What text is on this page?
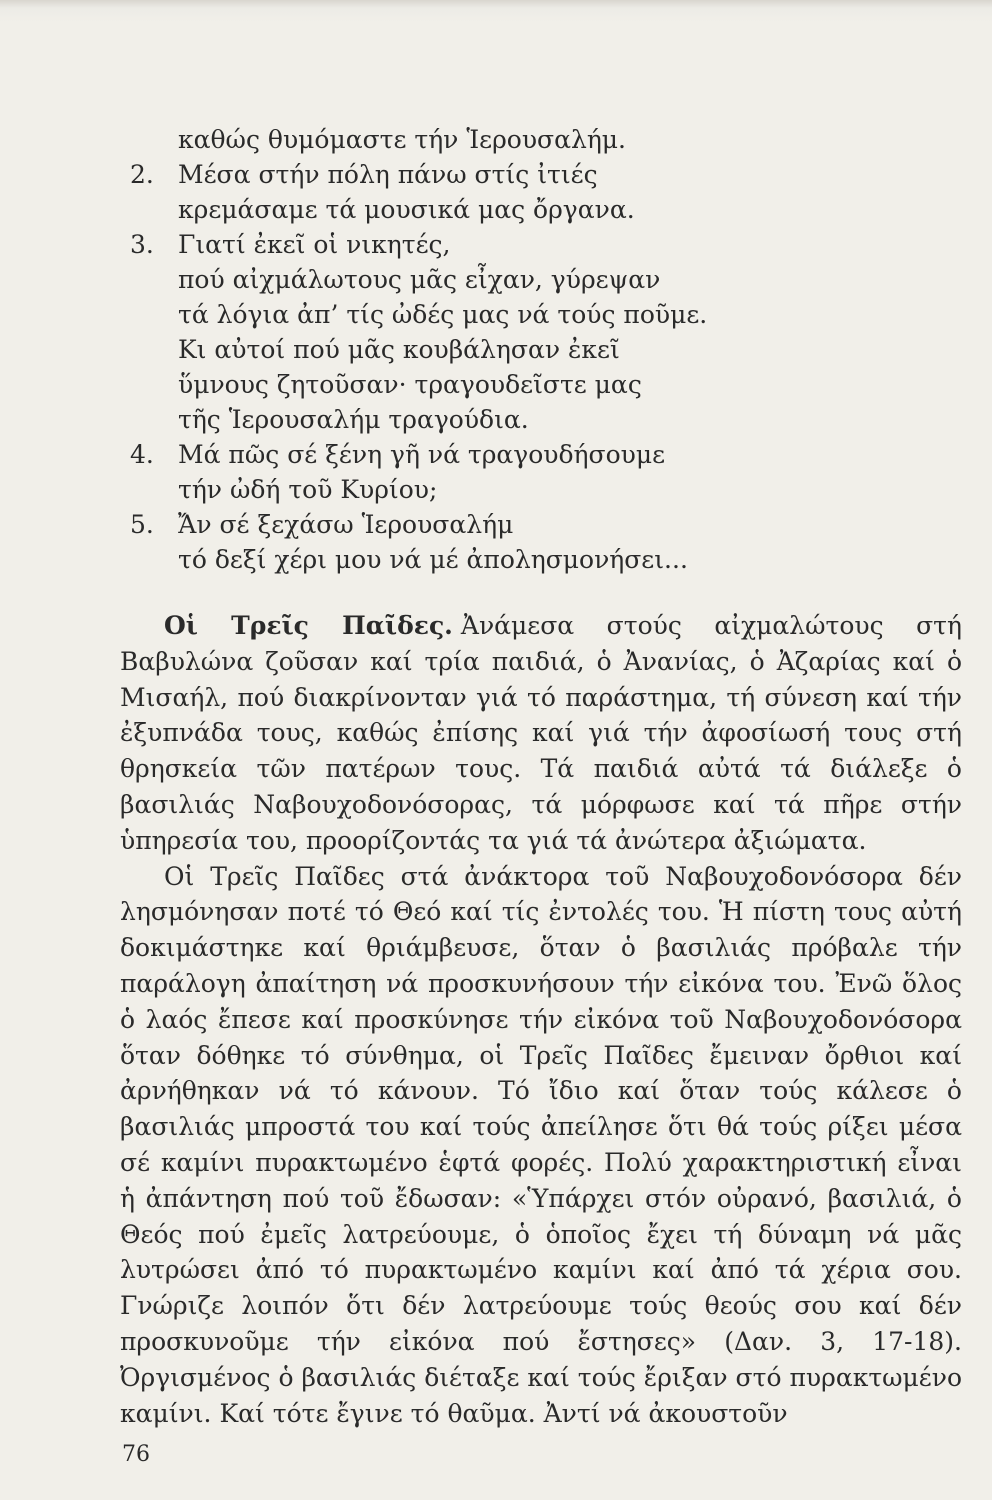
καθώς θυμόμαστε τήν Ἱερουσαλήμ.
2. Μέσα στήν πόλη πάνω στίς ἰτιές
κρεμάσαμε τά μουσικά μας ὄργανα.
3. Γιατί ἐκεῖ οἱ νικητές,
πού αἰχμάλωτους μᾶς εἶχαν, γύρεψαν
τά λόγια ἀπ’ τίς ὠδές μας νά τούς ποῦμε.
Κι αὐτοί πού μᾶς κουβάλησαν ἐκεῖ
ὕμνους ζητοῦσαν· τραγουδεῖστε μας
τῆς Ἱερουσαλήμ τραγούδια.
4. Μά πῶς σέ ξένη γῆ νά τραγουδήσουμε
τήν ὠδή τοῦ Κυρίου;
5. Ἄν σέ ξεχάσω Ἱερουσαλήμ
τό δεξί χέρι μου νά μέ ἀπολησμονήσει...

Οἱ Τρεῖς Παῖδες. Ἀνάμεσα στούς αἰχμαλώτους στή Βαβυλώνα ζοῦσαν καί τρία παιδιά, ὁ Ἀνανίας, ὁ Ἀζαρίας καί ὁ Μισαήλ, πού διακρίνονταν γιά τό παράστημα, τή σύνεση καί τήν ἐξυπνάδα τους, καθώς ἐπίσης καί γιά τήν ἀφοσίωσή τους στή θρησκεία τῶν πατέρων τους. Τά παιδιά αὐτά τά διάλεξε ὁ βασιλιάς Ναβουχοδονόσορας, τά μόρφωσε καί τά πῆρε στήν ὑπηρεσία του, προορίζοντάς τα γιά τά ἀνώτερα ἀξιώματα.

Οἱ Τρεῖς Παῖδες στά ἀνάκτορα τοῦ Ναβουχοδονόσορα δέν λησμόνησαν ποτέ τό Θεό καί τίς ἐντολές του. Ἡ πίστη τους αὐτή δοκιμάστηκε καί θριάμβευσε, ὅταν ὁ βασιλιάς πρόβαλε τήν παράλογη ἀπαίτηση νά προσκυνήσουν τήν εἰκόνα του. Ἐνῶ ὅλος ὁ λαός ἔπεσε καί προσκύνησε τήν εἰκόνα τοῦ Ναβουχοδονόσορα ὅταν δόθηκε τό σύνθημα, οἱ Τρεῖς Παῖδες ἔμειναν ὄρθιοι καί ἀρνήθηκαν νά τό κάνουν. Τό ἴδιο καί ὅταν τούς κάλεσε ὁ βασιλιάς μπροστά του καί τούς ἀπείλησε ὅτι θά τούς ρίξει μέσα σέ καμίνι πυρακτωμένο ἑφτά φορές. Πολύ χαρακτηριστική εἶναι ἡ ἀπάντηση πού τοῦ ἔδωσαν: «Ὑπάρχει στόν οὐρανό, βασιλιά, ὁ Θεός πού ἐμεῖς λατρεύουμε, ὁ ὁποῖος ἔχει τή δύναμη νά μᾶς λυτρώσει ἀπό τό πυρακτωμένο καμίνι καί ἀπό τά χέρια σου. Γνώριζε λοιπόν ὅτι δέν λατρεύουμε τούς θεούς σου καί δέν προσκυνοῦμε τήν εἰκόνα πού ἔστησες» (Δαν. 3, 17-18). Ὀργισμένος ὁ βασιλιάς διέταξε καί τούς ἔριξαν στό πυρακτωμένο καμίνι. Καί τότε ἔγινε τό θαῦμα. Ἀντί νά ἀκουστοῦν

76
